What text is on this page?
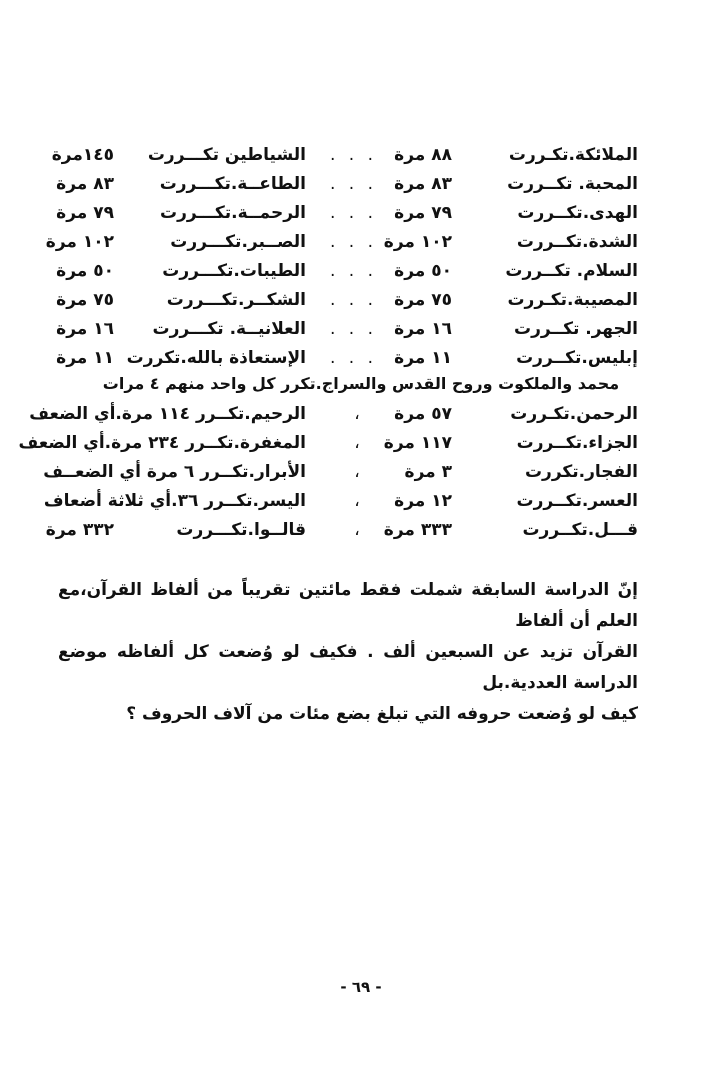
الملائكة.تكـررت
٨٨ مرة
. . .
الشياطين تكـــررت
١٤٥مرة
المحبة. تكــررت
٨٣ مرة
. . .
الطاعــة.تكـــررت
٨٣ مرة
الهدى.تكــررت
٧٩ مرة
. . .
الرحمــة.تكـــررت
٧٩ مرة
الشدة.تكــررت
١٠٢ مرة
. . .
الصــبر.تكـــررت
١٠٢ مرة
السلام. تكــررت
٥٠ مرة
. . .
الطيبات.تكـــررت
٥٠ مرة
المصيبة.تكـررت
٧٥ مرة
. . .
الشكــر.تكـــررت
٧٥ مرة
الجهر. تكــررت
١٦ مرة
. . .
العلانيــة. تكـــررت
١٦ مرة
إبليس.تكــررت
١١ مرة
. . .
الإستعاذة بالله.تكررت
١١ مرة
محمد والملكوت وروح القدس والسراج.تكرر كل واحد منهم ٤ مرات
الرحمن.تكـررت
٥٧ مرة
،
الرحيم.تكــرر ١١٤ مرة.أي الضعف
الجزاء.تكــررت
١١٧ مرة
،
المغفرة.تكــرر ٢٣٤ مرة.أي الضعف
الفجار.تكررت
٣ مرة
،
الأبرار.تكــرر ٦ مرة أي الضعــف
العسر.تكــررت
١٢ مرة
،
اليسر.تكــرر ٣٦.أي ثلاثة أضعاف
قـــل.تكــررت
٣٣٣ مرة
،
قالــوا.تكـــررت
٣٣٢ مرة

إنّ الدراسة السابقة شملت فقط مائتين تقريباً من ألفاظ القرآن،مع العلم أن ألفاظ

القرآن تزيد عن السبعين ألف . فكيف لو وُضعت كل ألفاظه موضع الدراسة العددية.بل

كيف لو وُضعت حروفه التي تبلغ بضع مئات من آلاف الحروف ؟

- ٦٩ -
